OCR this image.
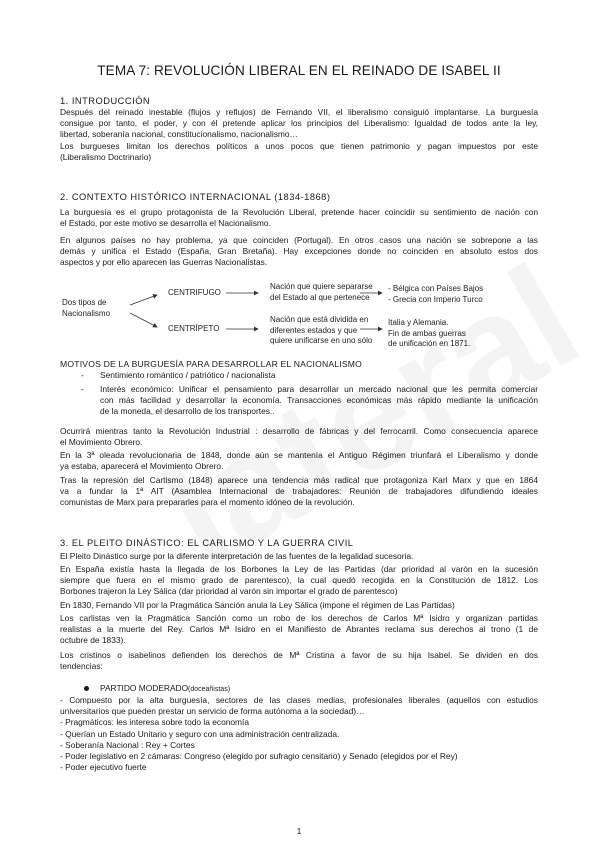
TEMA 7: REVOLUCIÓN LIBERAL EN EL REINADO DE ISABEL II
1. INTRODUCCIÓN
Después del reinado inestable (flujos y reflujos) de Fernando VII, el liberalismo consiguió implantarse. La burguesía
consigue por tanto, el poder, y con él pretende aplicar los principios del Liberalismo: Igualdad de todos ante la ley,
libertad, soberanía nacional, constitucionalismo, nacionalismo…
Los burgueses limitan los derechos políticos a unos pocos que tienen patrimonio y pagan impuestos por este
(Liberalismo Doctrinario)
2. CONTEXTO HISTÓRICO INTERNACIONAL (1834-1868)
La burguesía es el grupo protagonista de la Revolución Liberal, pretende hacer coincidir su sentimiento de nación con
el Estado, por este motivo se desarrolla el Nacionalismo.
En algunos países no hay problema, ya que coinciden (Portugal). En otros casos una nación se sobrepone a las
demás y unifica el Estado (España, Gran Bretaña). Hay excepciones donde no coinciden en absoluto estos dos
aspectos y por ello aparecen las Guerras Nacionalistas.
Dos tipos de
Nacionalismo
CENTRIFUGO
CENTRÍPETO
Nación que quiere separarse
del Estado al que pertenece
Nación que está dividida en
diferentes estados y que
quiere unificarse en uno sólo
- Bélgica con Países Bajos
- Grecia con Imperio Turco
Italia y Alemania.
Fin de ambas guerras
de unificación en 1871.
MOTIVOS DE LA BURGUESÍA PARA DESARROLLAR EL NACIONALISMO
- Sentimiento romántico / patriótico / nacionalista
- Interés económico: Unificar el pensamiento para desarrollar un mercado nacional que les permita comerciar
con más facilidad y desarrollar la economía. Transacciones económicas más rápido mediante la unificación
de la moneda, el desarrollo de los transportes..
Ocurrirá mientras tanto la Revolución Industrial : desarrollo de fábricas y del ferrocarril. Como consecuencia aparece
el Movimiento Obrero.
En la 3ª oleada revolucionaria de 1848, donde aún se mantenía el Antiguo Régimen triunfará el Liberalismo y donde
ya estaba, aparecerá el Movimiento Obrero.
Tras la represión del Cartismo (1848) aparece una tendencia más radical que protagoniza Karl Marx y que en 1864
va a fundar la 1ª AIT (Asamblea Internacional de trabajadores: Reunión de trabajadores difundiendo ideales
comunistas de Marx para prepararles para el momento idóneo de la revolución.
3. EL PLEITO DINÁSTICO: EL CARLISMO Y LA GUERRA CIVIL
El Pleito Dinástico surge por la diferente interpretación de las fuentes de la legalidad sucesoria.
En España existía hasta la llegada de los Borbones la Ley de las Partidas (dar prioridad al varón en la sucesión
siempre que fuera en el mismo grado de parentesco), la cual quedó recogida en la Constitución de 1812. Los
Borbones trajeron la Ley Sálica (dar prioridad al varón sin importar el grado de parentesco)
En 1830, Fernando VII por la Pragmática Sanción anula la Ley Sálica (impone el régimen de Las Partidas)
Los carlistas ven la Pragmática Sanción como un robo de los derechos de Carlos Mª Isidro y organizan partidas
realistas a la muerte del Rey. Carlos Mª Isidro en el Manifiesto de Abrantes reclama sus derechos al trono (1 de
octubre de 1833).
Los cristinos o isabelinos defienden los derechos de Mª Cristina a favor de su hija Isabel. Se dividen en dos
tendencias:
PARTIDO MODERADO (doceañistas)
- Compuesto por la alta burguesía, sectores de las clases medias, profesionales liberales (aquellos con estudios
universitarios que pueden prestar un servicio de forma autónoma a la sociedad)…
- Pragmáticos: les interesa sobre todo la economía
- Querían un Estado Unitario y seguro con una administración centralizada.
- Soberanía Nacional : Rey + Cortes
- Poder legislativo en 2 cámaras: Congreso (elegido por sufragio censitario) y Senado (elegidos por el Rey)
- Poder ejecutivo fuerte
1
